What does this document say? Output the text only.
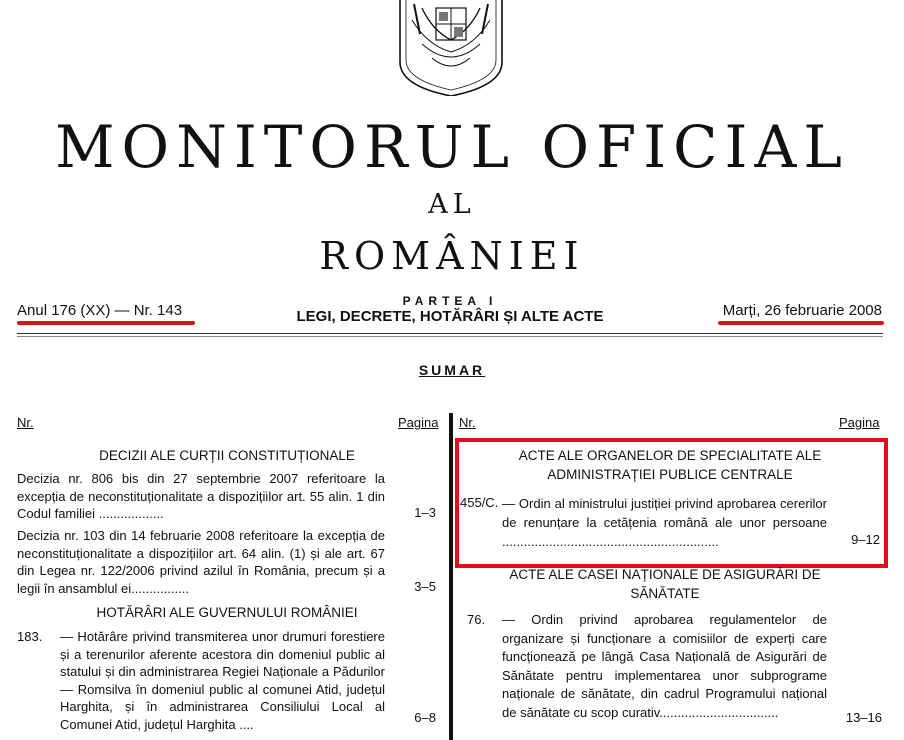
MONITORUL OFICIAL
AL
ROMÂNIEI
Anul 176 (XX) — Nr. 143
PARTEA I
LEGI, DECRETE, HOTĂRÂRI ȘI ALTE ACTE	Marți, 26 februarie 2008
SUMAR
Nr.	Pagina
DECIZII ALE CURȚII CONSTITUȚIONALE
Decizia nr. 806 bis din 27 septembrie 2007 referitoare la excepția de neconstituționalitate a dispozițiilor art. 55 alin. 1 din Codul familiei ..................	1–3
Decizia nr. 103 din 14 februarie 2008 referitoare la excepția de neconstituționalitate a dispozițiilor art. 64 alin. (1) și ale art. 67 din Legea nr. 122/2006 privind azilul în România, precum și a legii în ansamblul ei................	3–5
HOTĂRÂRI ALE GUVERNULUI ROMÂNIEI
183. — Hotărâre privind transmiterea unor drumuri forestiere și a terenurilor aferente acestora din domeniul public al statului și din administrarea Regiei Naționale a Pădurilor — Romsilva în domeniul public al comunei Atid, județul Harghita, și în administrarea Consiliului Local al Comunei Atid, județul Harghita ....	6–8
Nr.	Pagina
ACTE ALE ORGANELOR DE SPECIALITATE ALE ADMINISTRAȚIEI PUBLICE CENTRALE
455/C. — Ordin al ministrului justiției privind aprobarea cererilor de renunțare la cetățenia română ale unor persoane ............................................................	9–12
ACTE ALE CASEI NAȚIONALE DE ASIGURĂRI DE SĂNĂTATE
76. — Ordin privind aprobarea regulamentelor de organizare și funcționare a comisiilor de experți care funcționează pe lângă Casa Națională de Asigurări de Sănătate pentru implementarea unor subprograme naționale de sănătate, din cadrul Programului național de sănătate cu scop curativ.................................	13–16
